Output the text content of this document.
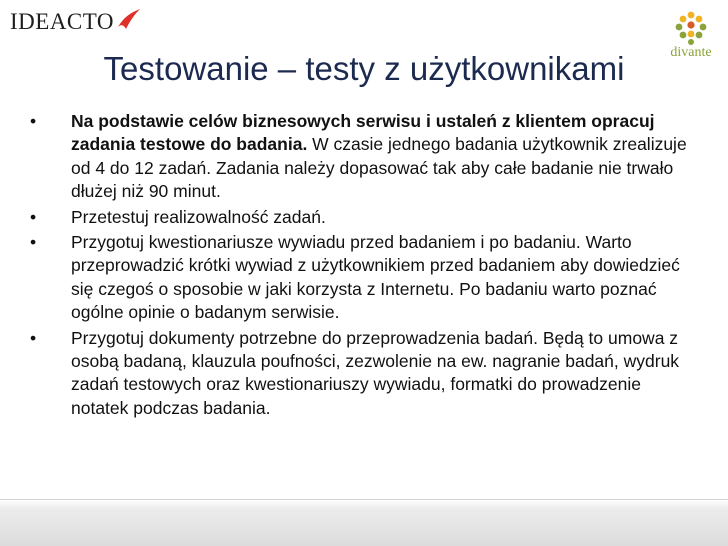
IDEACTO
divante
Testowanie – testy z użytkownikami
•	Na podstawie celów biznesowych serwisu i ustaleń z klientem opracuj zadania testowe do badania. W czasie jednego badania użytkownik zrealizuje od 4 do 12 zadań. Zadania należy dopasować tak aby całe badanie nie trwało dłużej niż 90 minut.
•	Przetestuj realizowalność zadań.
•	Przygotuj kwestionariusze wywiadu przed badaniem i po badaniu. Warto przeprowadzić krótki wywiad z użytkownikiem przed badaniem aby dowiedzieć się czegoś o sposobie w jaki korzysta z Internetu. Po badaniu warto poznać ogólne opinie o badanym serwisie.
•	Przygotuj dokumenty potrzebne do przeprowadzenia badań. Będą to umowa z osobą badaną, klauzula poufności, zezwolenie na ew. nagranie badań, wydruk zadań testowych oraz kwestionariuszy wywiadu, formatki do prowadzenie notatek podczas badania.
